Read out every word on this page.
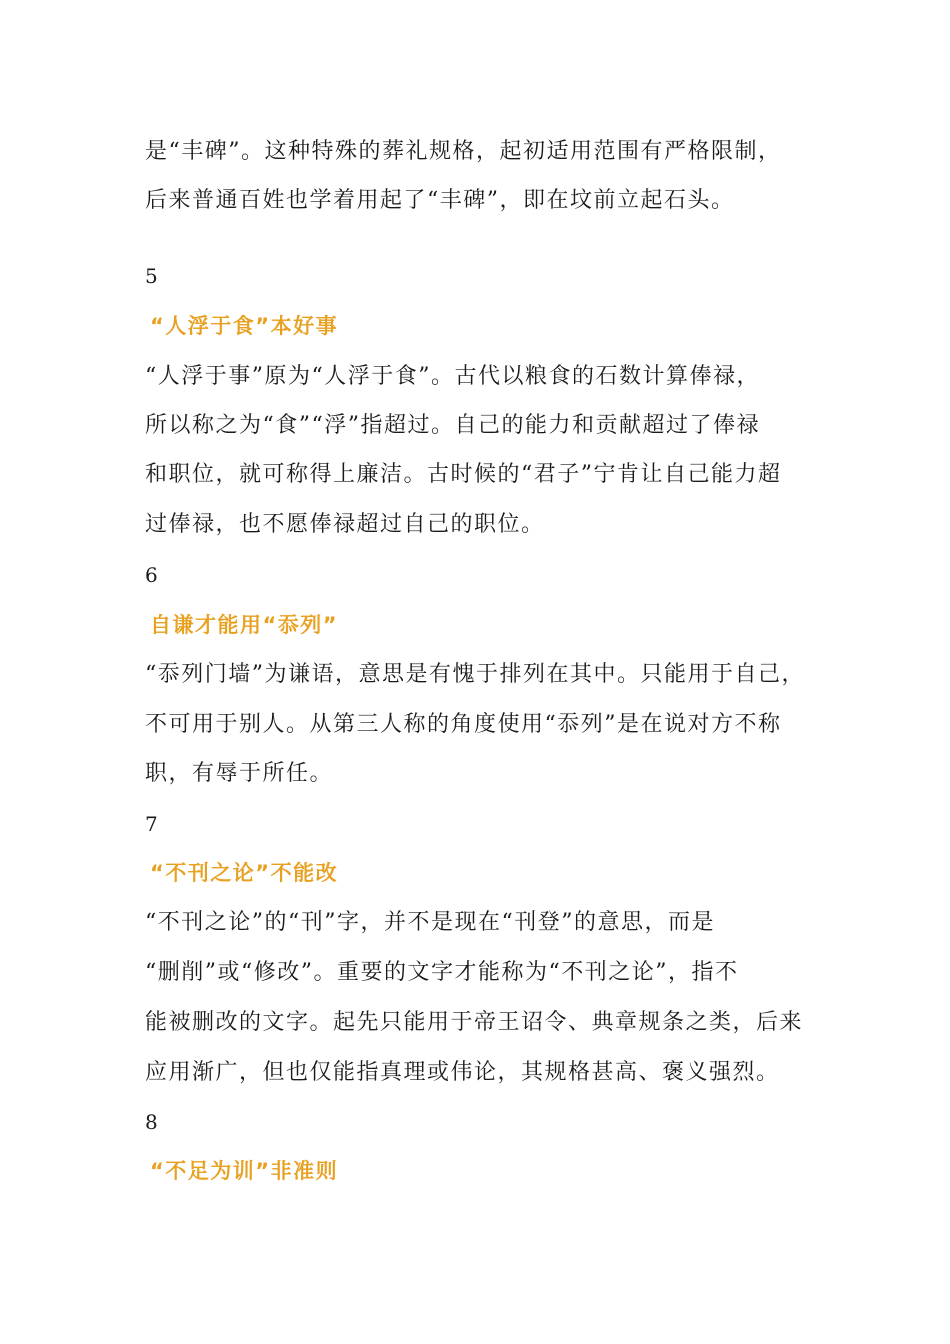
是“丰碑”。这种特殊的葬礼规格，起初适用范围有严格限制，
后来普通百姓也学着用起了“丰碑”，即在坟前立起石头。
5
“人浮于食”本好事
“人浮于事”原为“人浮于食”。古代以粮食的石数计算俸禄，
所以称之为“食”“浮”指超过。自己的能力和贡献超过了俸禄
和职位，就可称得上廉洁。古时候的“君子”宁肯让自己能力超
过俸禄，也不愿俸禄超过自己的职位。
6
自谦才能用“忝列”
“忝列门墙”为谦语，意思是有愧于排列在其中。只能用于自己，
不可用于别人。从第三人称的角度使用“忝列”是在说对方不称
职，有辱于所任。
7
“不刊之论”不能改
“不刊之论”的“刊”字，并不是现在“刊登”的意思，而是
“删削”或“修改”。重要的文字才能称为“不刊之论”，指不
能被删改的文字。起先只能用于帝王诏令、典章规条之类，后来
应用渐广，但也仅能指真理或伟论，其规格甚高、褒义强烈。
8
“不足为训”非准则
